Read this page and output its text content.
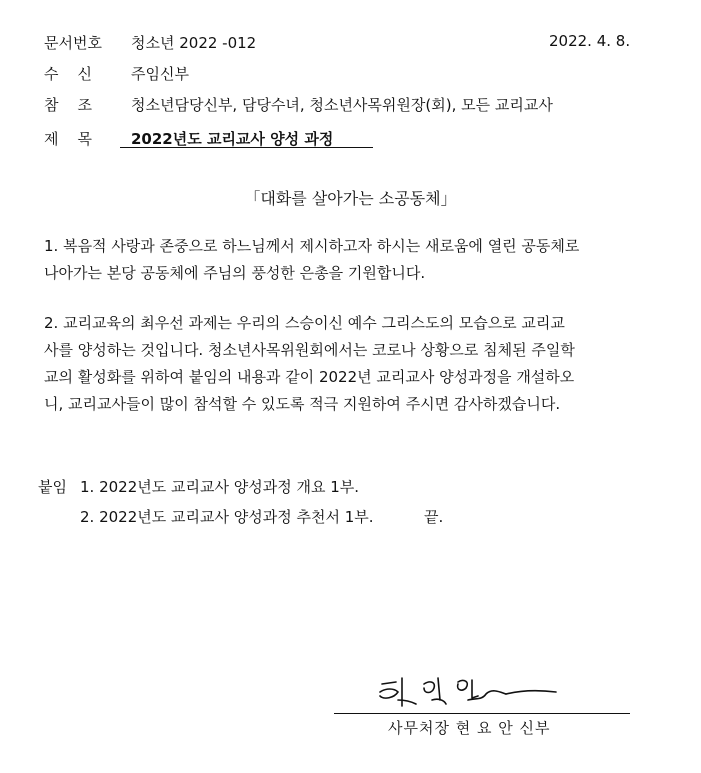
문서번호 청소년 2022 -012	2022. 4. 8.
수    신	주임신부
참    조	청소년담당신부, 담당수녀, 청소년사목위원장(회), 모든 교리교사
제    목	2022년도 교리교사 양성 과정
「대화를 살아가는 소공동체」
1. 복음적 사랑과 존중으로 하느님께서 제시하고자 하시는 새로움에 열린 공동체로
나아가는 본당 공동체에 주님의 풍성한 은총을 기원합니다.
2. 교리교육의 최우선 과제는 우리의 스승이신 예수 그리스도의 모습으로 교리교
사를 양성하는 것입니다. 청소년사목위원회에서는 코로나 상황으로 침체된 주일학
교의 활성화를 위하여 붙임의 내용과 같이 2022년 교리교사 양성과정을 개설하오
니, 교리교사들이 많이 참석할 수 있도록 적극 지원하여 주시면 감사하겠습니다.
붙임 1. 2022년도 교리교사 양성과정 개요 1부.
2. 2022년도 교리교사 양성과정 추천서 1부.	끝.
사무처장 현 요 안 신부
